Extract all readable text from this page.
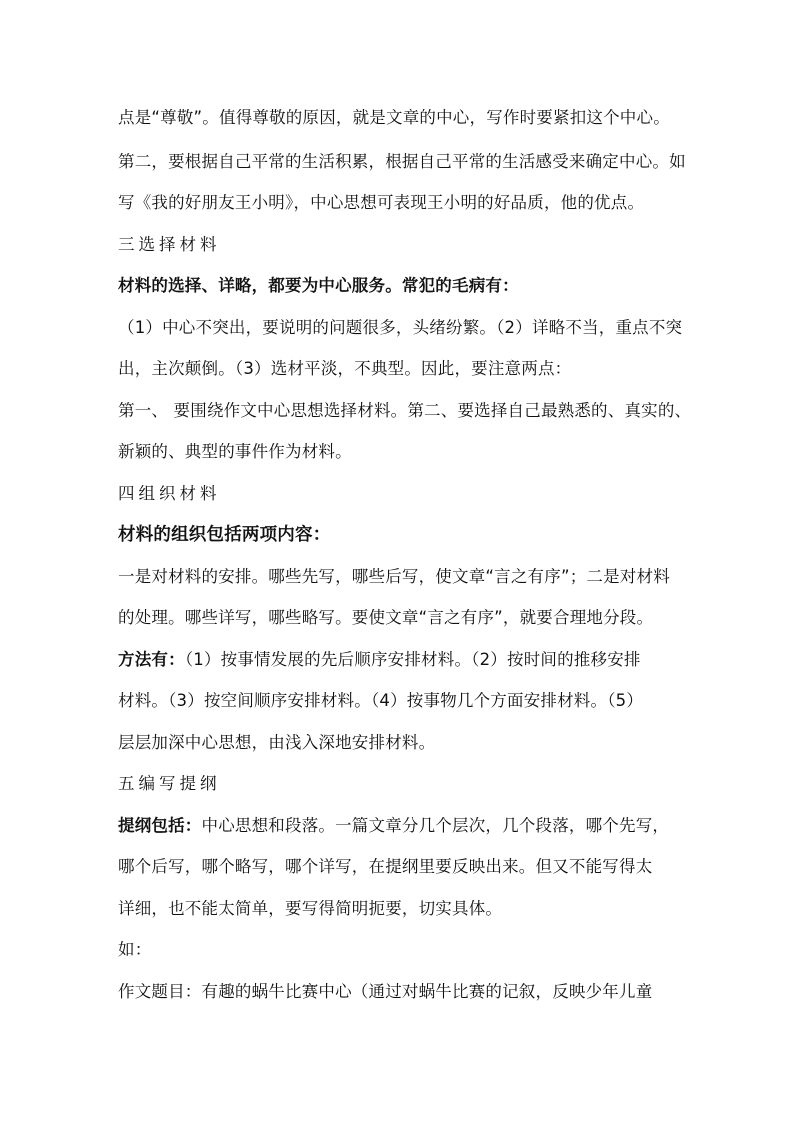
点是“尊敬”。值得尊敬的原因，就是文章的中心，写作时要紧扣这个中心。
第二，要根据自己平常的生活积累，根据自己平常的生活感受来确定中心。如
写《我的好朋友王小明》，中心思想可表现王小明的好品质，他的优点。
三选择材料
材料的选择、详略，都要为中心服务。常犯的毛病有：
（1）中心不突出，要说明的问题很多，头绪纷繁。（2）详略不当，重点不突
出，主次颠倒。（3）选材平淡，不典型。因此，要注意两点：
第一、 要围绕作文中心思想选择材料。第二、要选择自己最熟悉的、真实的、
新颖的、典型的事件作为材料。
四组织材料
材料的组织包括两项内容：
一是对材料的安排。哪些先写，哪些后写，使文章“言之有序”；二是对材料
的处理。哪些详写，哪些略写。要使文章“言之有序”，就要合理地分段。
方法有：（1）按事情发展的先后顺序安排材料。（2）按时间的推移安排
材料。（3）按空间顺序安排材料。（4）按事物几个方面安排材料。（5）
层层加深中心思想，由浅入深地安排材料。
五编写提纲
提纲包括：中心思想和段落。一篇文章分几个层次，几个段落，哪个先写，
哪个后写，哪个略写，哪个详写，在提纲里要反映出来。但又不能写得太
详细，也不能太简单，要写得简明扼要，切实具体。
如：
作文题目：有趣的蜗牛比赛中心（通过对蜗牛比赛的记叙，反映少年儿童
